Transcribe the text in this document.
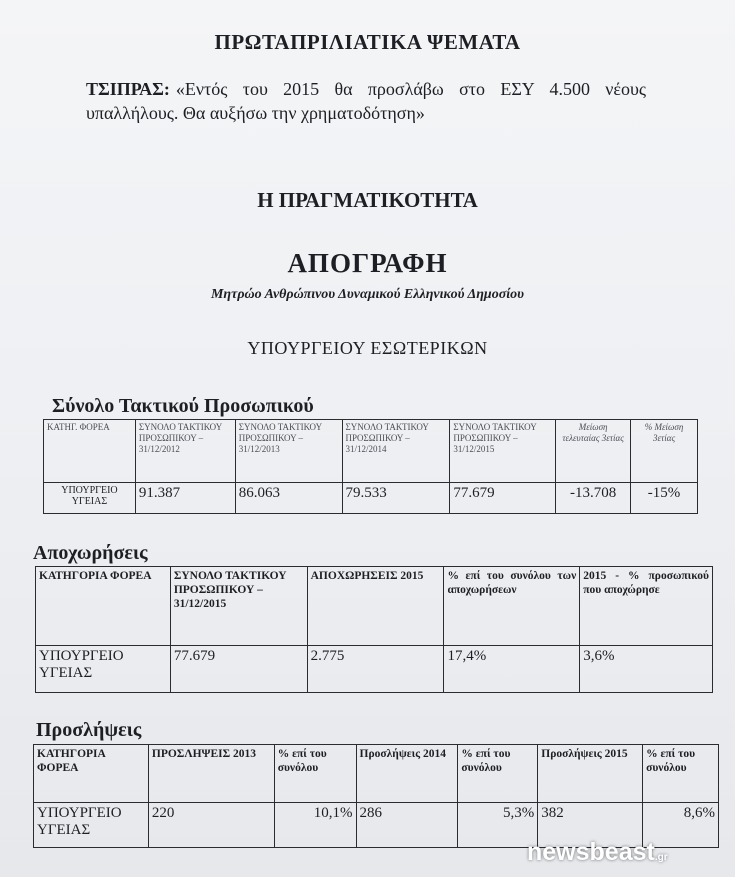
ΠΡΩΤΑΠΡΙΛΙΑΤΙΚΑ ΨΕΜΑΤΑ
ΤΣΙΠΡΑΣ: «Εντός του 2015 θα προσλάβω στο ΕΣΥ 4.500 νέους υπαλλήλους. Θα αυξήσω την χρηματοδότηση»
Η ΠΡΑΓΜΑΤΙΚΟΤΗΤΑ
ΑΠΟΓΡΑΦΗ
Μητρώο Ανθρώπινου Δυναμικού Ελληνικού Δημοσίου
ΥΠΟΥΡΓΕΙΟΥ ΕΣΩΤΕΡΙΚΩΝ
Σύνολο Τακτικού Προσωπικού
ΚΑΤΗΓ. ΦΟΡΕΑ	ΣΥΝΟΛΟ ΤΑΚΤΙΚΟΥ ΠΡΟΣΩΠΙΚΟΥ – 31/12/2012	ΣΥΝΟΛΟ ΤΑΚΤΙΚΟΥ ΠΡΟΣΩΠΙΚΟΥ – 31/12/2013	ΣΥΝΟΛΟ ΤΑΚΤΙΚΟΥ ΠΡΟΣΩΠΙΚΟΥ – 31/12/2014	ΣΥΝΟΛΟ ΤΑΚΤΙΚΟΥ ΠΡΟΣΩΠΙΚΟΥ – 31/12/2015	Μείωση τελευταίας 3ετίας	% Μείωση 3ετίας
ΥΠΟΥΡΓΕΙΟ ΥΓΕΙΑΣ	91.387	86.063	79.533	77.679	-13.708	-15%
Αποχωρήσεις
ΚΑΤΗΓΟΡΙΑ ΦΟΡΕΑ	ΣΥΝΟΛΟ ΤΑΚΤΙΚΟΥ ΠΡΟΣΩΠΙΚΟΥ – 31/12/2015	ΑΠΟΧΩΡΗΣΕΙΣ 2015	% επί του συνόλου των αποχωρήσεων	2015 - % προσωπικού που αποχώρησε
ΥΠΟΥΡΓΕΙΟ ΥΓΕΙΑΣ	77.679	2.775	17,4%	3,6%
Προσλήψεις
ΚΑΤΗΓΟΡΙΑ ΦΟΡΕΑ	ΠΡΟΣΛΗΨΕΙΣ 2013	% επί του συνόλου	Προσλήψεις 2014	% επί του συνόλου	Προσλήψεις 2015	% επί του συνόλου
ΥΠΟΥΡΓΕΙΟ ΥΓΕΙΑΣ	220	10,1%	286	5,3%	382	8,6%
newsbeast.gr
